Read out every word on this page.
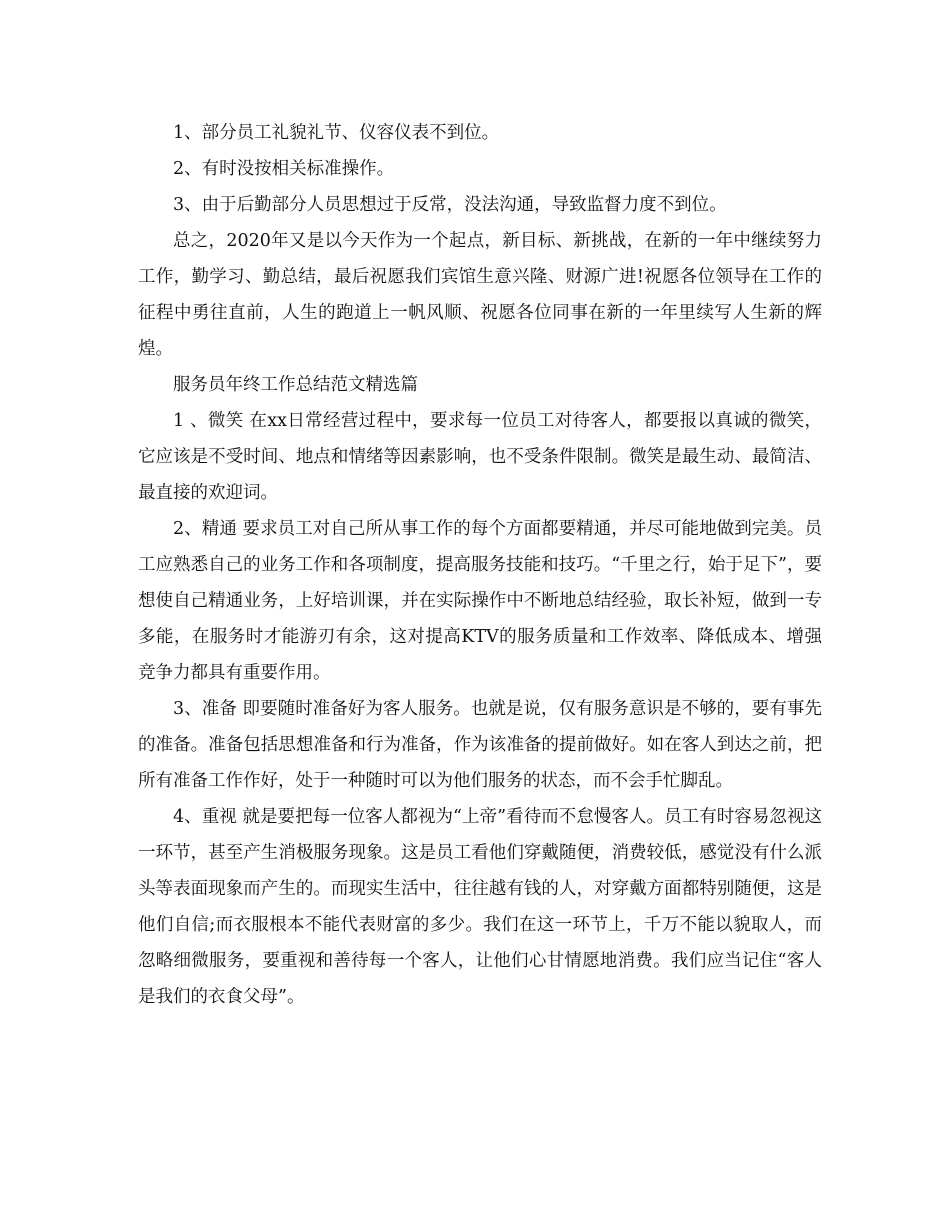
1、部分员工礼貌礼节、仪容仪表不到位。

2、有时没按相关标准操作。

3、由于后勤部分人员思想过于反常，没法沟通，导致监督力度不到位。

总之，2020年又是以今天作为一个起点，新目标、新挑战，在新的一年中继续努力工作，勤学习、勤总结，最后祝愿我们宾馆生意兴隆、财源广进!祝愿各位领导在工作的征程中勇往直前，人生的跑道上一帆风顺、祝愿各位同事在新的一年里续写人生新的辉煌。

服务员年终工作总结范文精选篇

1 、微笑 在xx日常经营过程中，要求每一位员工对待客人，都要报以真诚的微笑，它应该是不受时间、地点和情绪等因素影响，也不受条件限制。微笑是最生动、最简洁、最直接的欢迎词。

2、精通 要求员工对自己所从事工作的每个方面都要精通，并尽可能地做到完美。员工应熟悉自己的业务工作和各项制度，提高服务技能和技巧。“千里之行，始于足下”，要想使自己精通业务，上好培训课，并在实际操作中不断地总结经验，取长补短，做到一专多能，在服务时才能游刃有余，这对提高KTV的服务质量和工作效率、降低成本、增强竞争力都具有重要作用。

3、准备 即要随时准备好为客人服务。也就是说，仅有服务意识是不够的，要有事先的准备。准备包括思想准备和行为准备，作为该准备的提前做好。如在客人到达之前，把所有准备工作作好，处于一种随时可以为他们服务的状态，而不会手忙脚乱。

4、重视 就是要把每一位客人都视为“上帝”看待而不怠慢客人。员工有时容易忽视这一环节，甚至产生消极服务现象。这是员工看他们穿戴随便，消费较低，感觉没有什么派头等表面现象而产生的。而现实生活中，往往越有钱的人，对穿戴方面都特别随便，这是他们自信;而衣服根本不能代表财富的多少。我们在这一环节上，千万不能以貌取人，而忽略细微服务，要重视和善待每一个客人，让他们心甘情愿地消费。我们应当记住“客人是我们的衣食父母”。
